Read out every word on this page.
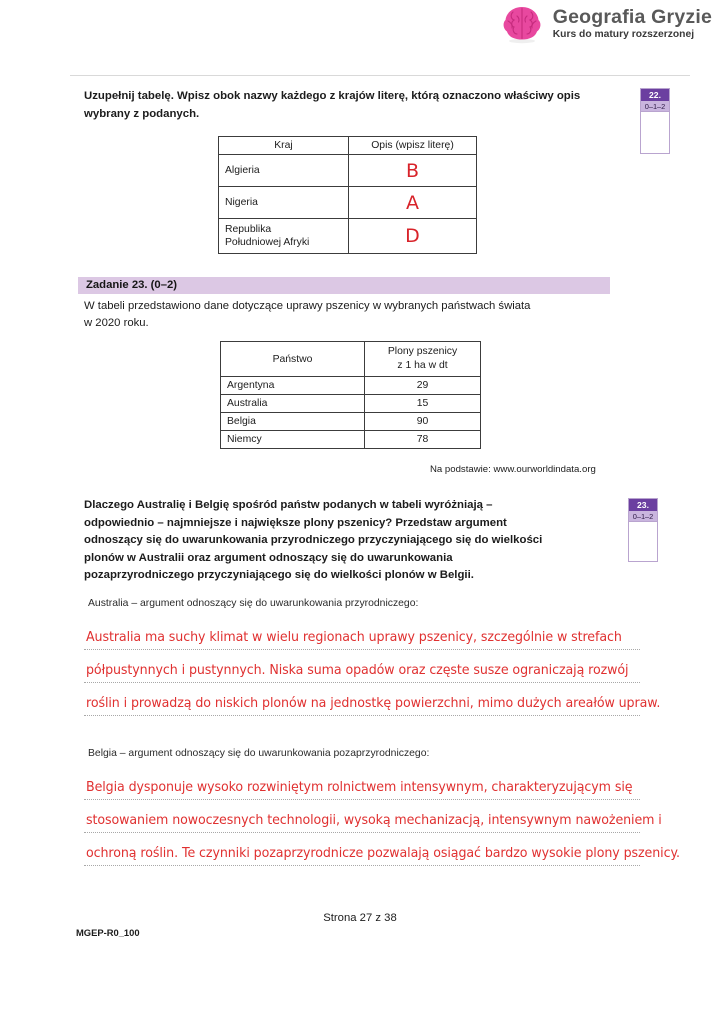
Geografia Gryzie
Kurs do matury rozszerzonej
Uzupełnij tabelę. Wpisz obok nazwy każdego z krajów literę, którą oznaczono właściwy opis wybrany z podanych.
22.
0–1–2
Kraj	Opis (wpisz literę)
Algieria	B
Nigeria	A
Republika
Południowej Afryki	D
Zadanie 23. (0–2)
W tabeli przedstawiono dane dotyczące uprawy pszenicy w wybranych państwach świata
w 2020 roku.
Państwo	Plony pszenicy
z 1 ha w dt
Argentyna	29
Australia	15
Belgia	90
Niemcy	78
Na podstawie: www.ourworldindata.org
23.
0–1–2
Dlaczego Australię i Belgię spośród państw podanych w tabeli wyróżniają –
odpowiednio – najmniejsze i największe plony pszenicy? Przedstaw argument
odnoszący się do uwarunkowania przyrodniczego przyczyniającego się do wielkości
plonów w Australii oraz argument odnoszący się do uwarunkowania
pozaprzyrodniczego przyczyniającego się do wielkości plonów w Belgii.
Australia – argument odnoszący się do uwarunkowania przyrodniczego:
Australia ma suchy klimat w wielu regionach uprawy pszenicy, szczególnie w strefach
półpustynnych i pustynnych. Niska suma opadów oraz częste susze ograniczają rozwój
roślin i prowadzą do niskich plonów na jednostkę powierzchni, mimo dużych areałów upraw.
Belgia – argument odnoszący się do uwarunkowania pozaprzyrodniczego:
Belgia dysponuje wysoko rozwiniętym rolnictwem intensywnym, charakteryzującym się
stosowaniem nowoczesnych technologii, wysoką mechanizacją, intensywnym nawożeniem i
ochroną roślin. Te czynniki pozaprzyrodnicze pozwalają osiągać bardzo wysokie plony pszenicy.
Strona 27 z 38
MGEP-R0_100
